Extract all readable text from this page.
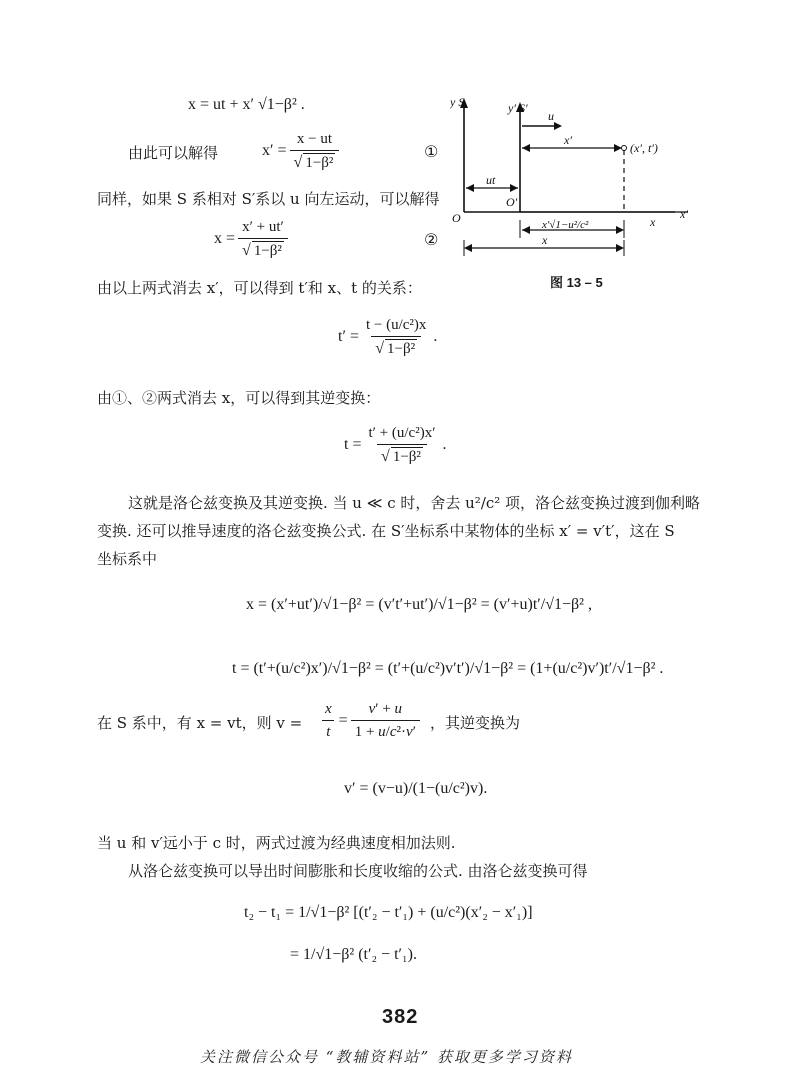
x = ut + x′ √1−β² .
由此可以解得	$x' = \frac{x - ut}{\text{√ 1−β²}}$	①
同样，如果 S 系相对 S′系以 u 向左运动，可以解得
$x = \frac{x' + ut'}{\text{√ 1−β²}}$	②
y S	y′ S′
u
x′
(x′, t′)
ut
O
O′
x
x′
x′√1−u²/c²
x
图 13 – 5
由以上两式消去 x′，可以得到 t′和 x、t 的关系：
$t' = \frac{\text{t − (u/c²)x}}{\text{√ 1−β²}}$ .
由①、②两式消去 x，可以得到其逆变换：
$t = \frac{\text{t′ + (u/c²)x′}}{\text{√ 1−β²}}$ .
这就是洛仑兹变换及其逆变换. 当 u ≪ c 时，舍去 u²/c² 项，洛仑兹变换过渡到伽利略
变换. 还可以推导速度的洛仑兹变换公式. 在 S′坐标系中某物体的坐标 x′ = v′t′，这在 S
坐标系中
x = (x′+ut′)/√1−β² = (v′t′+ut′)/√1−β² = (v′+u)t′/√1−β² ,
t = (t′+(u/c²)x′)/√1−β² = (t′+(u/c²)v′t′)/√1−β² = (1+(u/c²)v′)t′/√1−β² .
在 S 系中，有 x = vt，则 $v = \frac{x}{t} = \frac{v' + u}{\text{1 + u/c²·v′}}$ ，其逆变换为
v′ = (v−u)/(1−(u/c²)v).
当 u 和 v′远小于 c 时，两式过渡为经典速度相加法则.
从洛仑兹变换可以导出时间膨胀和长度收缩的公式. 由洛仑兹变换可得
t₂ − t₁ = 1/√1−β² [(t′₂ − t′₁) + (u/c²)(x′₂ − x′₁)]
= 1/√1−β² (t′₂ − t′₁).
382
关注微信公众号 “教辅资料站” 获取更多学习资料
